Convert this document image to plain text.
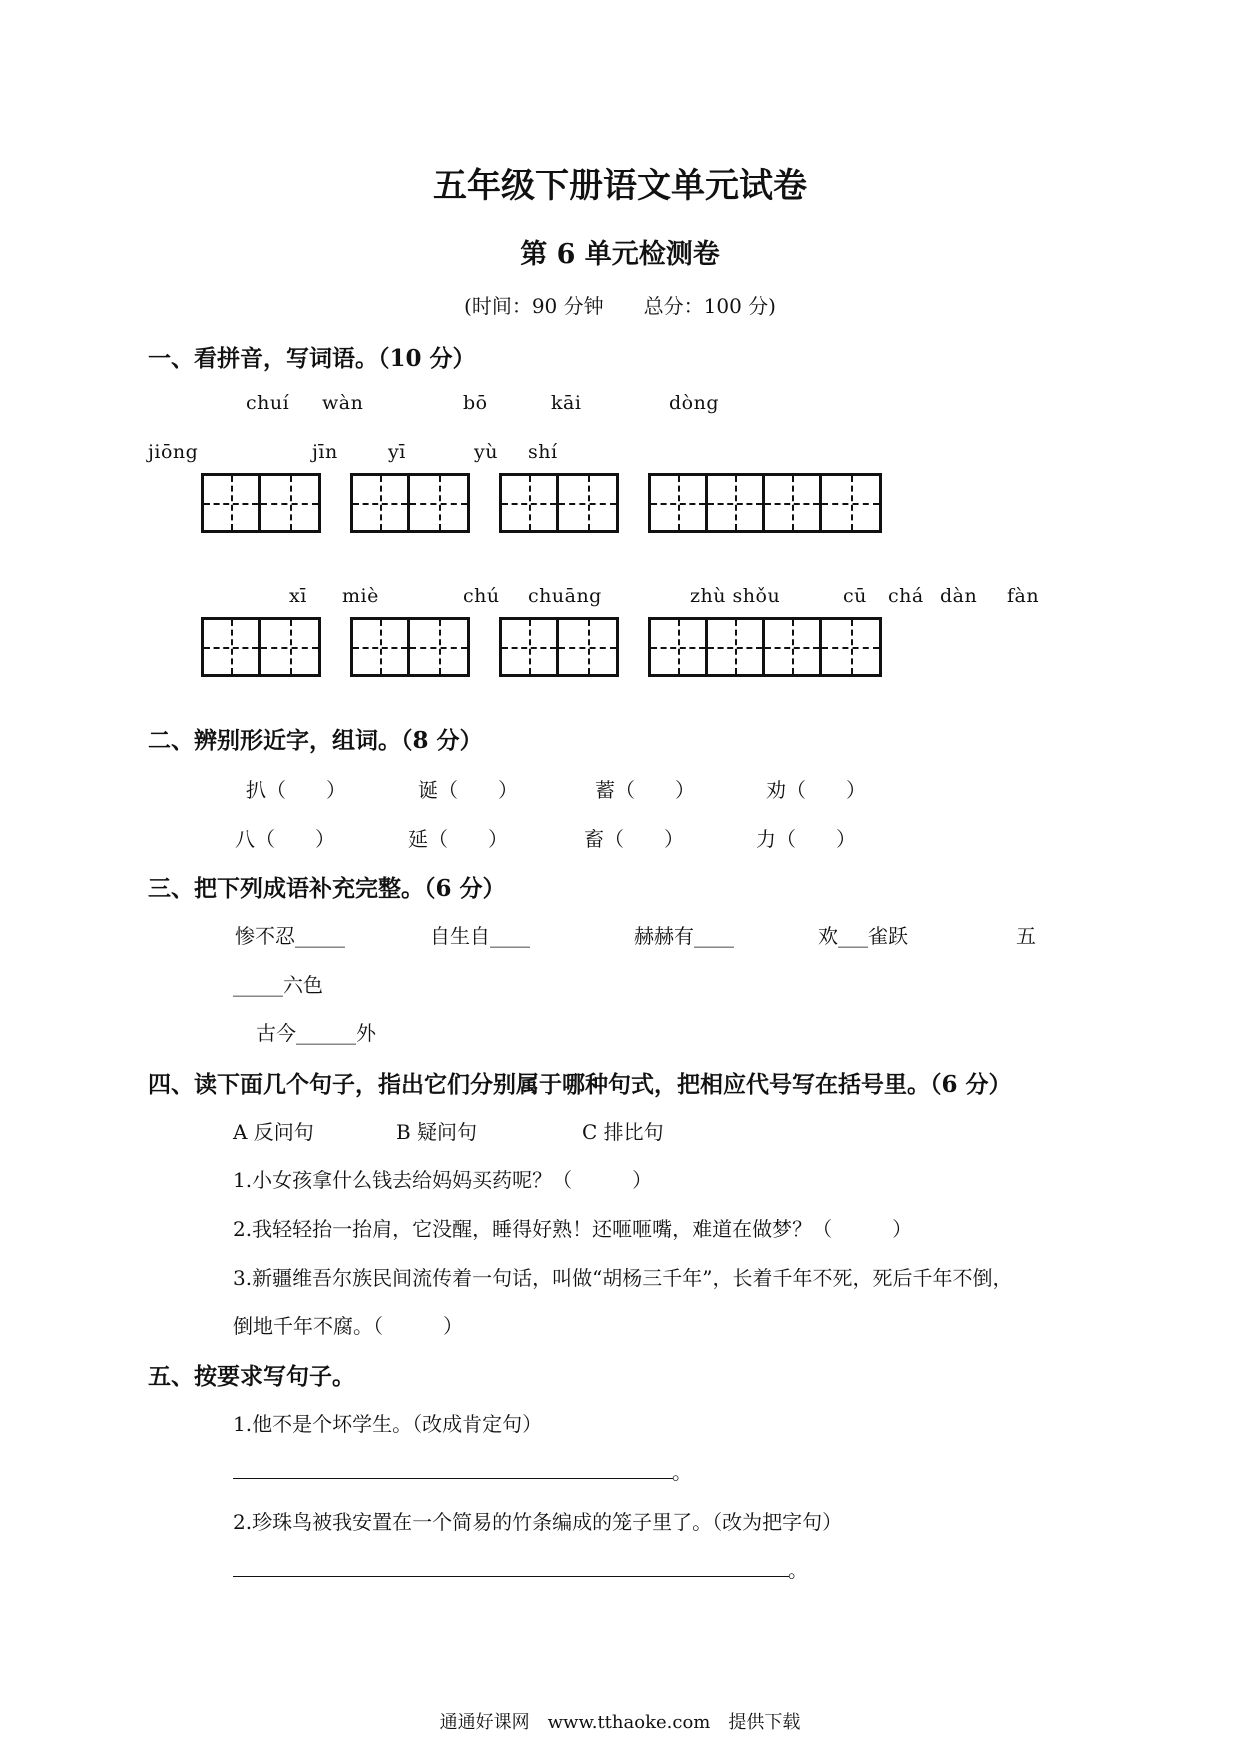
五年级下册语文单元试卷
第 6 单元检测卷
(时间：90 分钟　　总分：100 分)
一、看拼音，写词语。（10 分）
chuí wàn	bō	kāi	dòng
jiōng	jīn	yī	yù shí
xī miè	chú chuāng	zhù shǒu	cū chá dàn fàn
二、辨别形近字，组词。（8 分）
扒（　　）	诞（　　）	蓄（　　）	劝（　　）
八（　　）	延（　　）	畜（　　）	力（　　）
三、把下列成语补充完整。（6 分）
惨不忍_____	自生自____	赫赫有____	欢___雀跃	五
_____六色
古今______外
四、读下面几个句子，指出它们分别属于哪种句式，把相应代号写在括号里。（6 分）
A 反问句	B 疑问句	C 排比句
1.小女孩拿什么钱去给妈妈买药呢？（　　　）
2.我轻轻抬一抬肩，它没醒，睡得好熟！还咂咂嘴，难道在做梦？（　　　）
3.新疆维吾尔族民间流传着一句话，叫做“胡杨三千年”，长着千年不死，死后千年不倒，
倒地千年不腐。（　　　）
五、按要求写句子。
1.他不是个坏学生。（改成肯定句）
。
2.珍珠鸟被我安置在一个简易的竹条编成的笼子里了。（改为把字句）
。
通通好课网　www.tthaoke.com　提供下载
